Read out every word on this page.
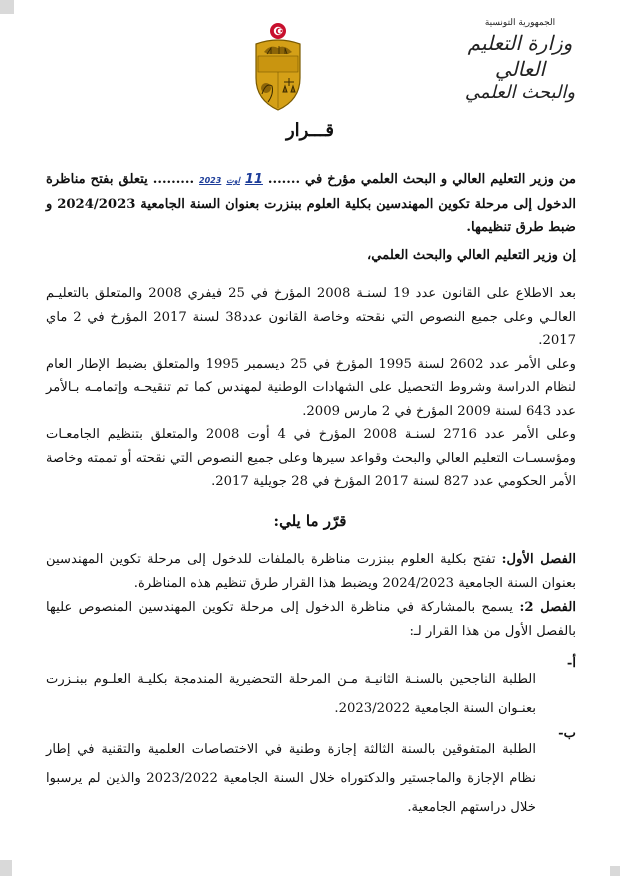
الجمهورية التونسية
وزارة التعليم العالي
والبحث العلمي
قـــرار

من وزير التعليم العالي و البحث العلمي مؤرخ في ....... 11 اوت 2023 ......... يتعلق بفتح مناظرة الدخول إلى مرحلة تكوين المهندسين بكلية العلوم ببنزرت بعنوان السنة الجامعية 2024/2023 و ضبط طرق تنظيمها.

إن وزير التعليم العالي والبحث العلمي،

بعد الاطلاع على القانون عدد 19 لسنـة 2008 المؤرخ في 25 فيفري 2008 والمتعلق بالتعليـم العالـي وعلى جميع النصوص التي نقحته وخاصة القانون عدد38 لسنة 2017 المؤرخ في 2 ماي 2017.

وعلى الأمر عدد 2602 لسنة 1995 المؤرخ في 25 ديسمبر 1995 والمتعلق بضبط الإطار العام لنظام الدراسة وشروط التحصيل على الشهادات الوطنية لمهندس كما تم تنقيحـه وإتمامـه بـالأمر عدد 643 لسنة 2009 المؤرخ في 2 مارس 2009.

وعلى الأمر عدد 2716 لسنـة 2008 المؤرخ في 4 أوت 2008 والمتعلق بتنظيم الجامعـات ومؤسسـات التعليم العالي والبحث وقواعد سيرها وعلى جميع النصوص التي نقحته أو تممته وخاصة الأمر الحكومي عدد 827 لسنة 2017 المؤرخ في 28 جويلية 2017.

قرّر ما يلي:

الفصل الأول: تفتح بكلية العلوم ببنزرت مناظرة بالملفات للدخول إلى مرحلة تكوين المهندسين بعنوان السنة الجامعية 2024/2023 ويضبط هذا القرار طرق تنظيم هذه المناظرة.

الفصل 2: يسمح بالمشاركة في مناظرة الدخول إلى مرحلة تكوين المهندسين المنصوص عليها بالفصل الأول من هذا القرار لـ:

أ-

الطلبة الناجحين بالسنـة الثانيـة مـن المرحلة التحضيرية المندمجة بكليـة العلـوم ببنـزرت بعنـوان السنة الجامعية 2023/2022.

ب-

الطلبة المتفوقين بالسنة الثالثة إجازة وطنية في الاختصاصات العلمية والتقنية في إطار نظام الإجازة والماجستير والدكتوراه خلال السنة الجامعية 2023/2022 والذين لم يرسبوا خلال دراستهم الجامعية.
